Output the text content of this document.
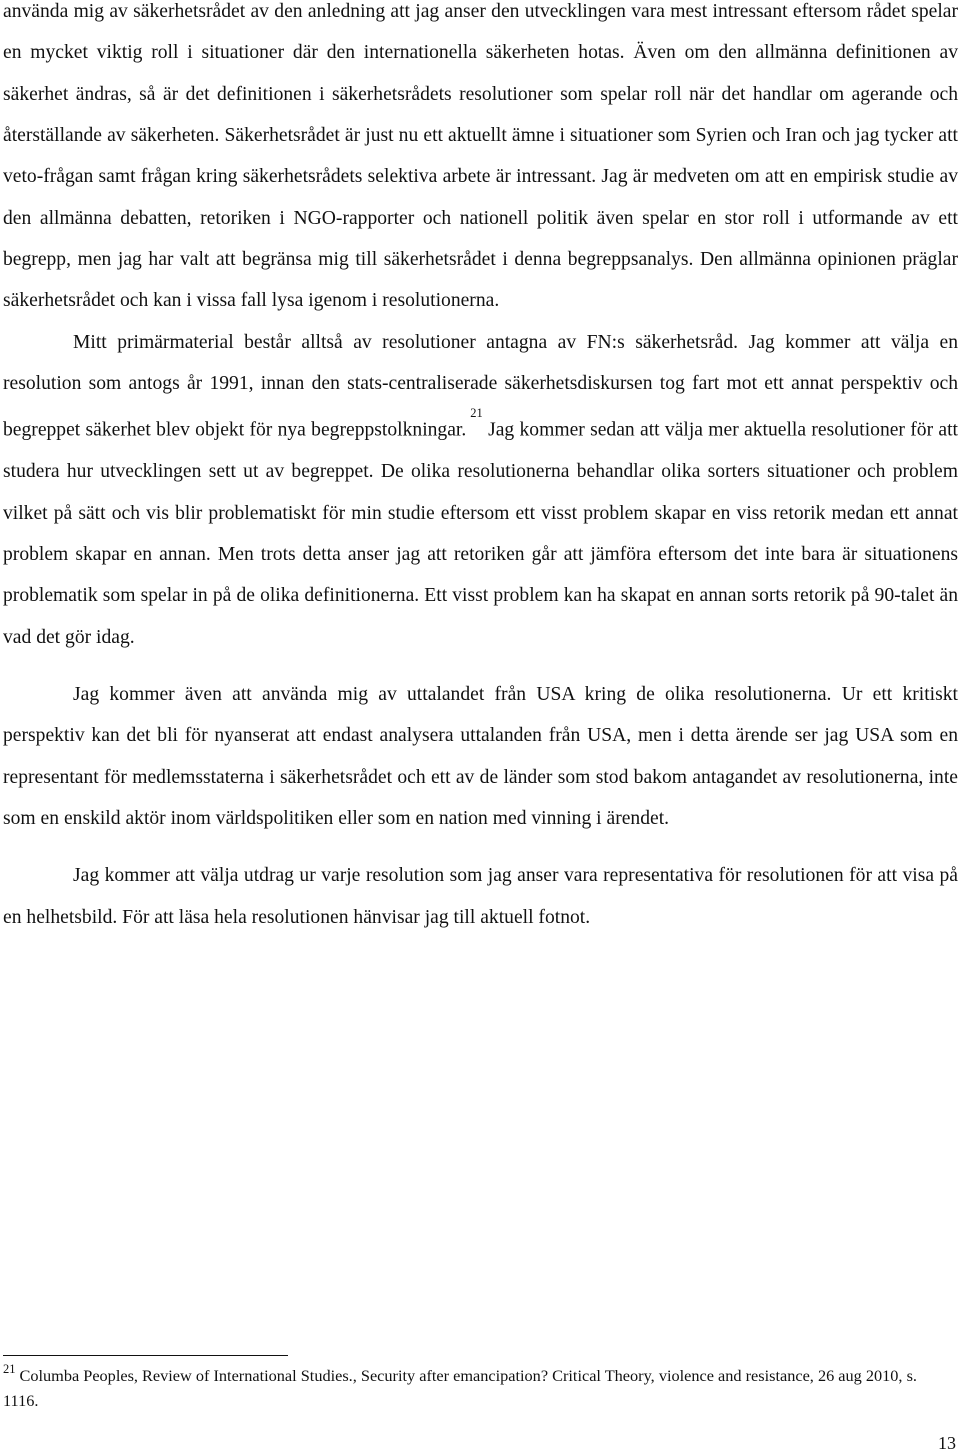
använda mig av säkerhetsrådet av den anledning att jag anser den utvecklingen vara mest intressant eftersom rådet spelar en mycket viktig roll i situationer där den internationella säkerheten hotas. Även om den allmänna definitionen av säkerhet ändras, så är det definitionen i säkerhetsrådets resolutioner som spelar roll när det handlar om agerande och återställande av säkerheten. Säkerhetsrådet är just nu ett aktuellt ämne i situationer som Syrien och Iran och jag tycker att veto-frågan samt frågan kring säkerhetsrådets selektiva arbete är intressant. Jag är medveten om att en empirisk studie av den allmänna debatten, retoriken i NGO-rapporter och nationell politik även spelar en stor roll i utformande av ett begrepp, men jag har valt att begränsa mig till säkerhetsrådet i denna begreppsanalys. Den allmänna opinionen präglar säkerhetsrådet och kan i vissa fall lysa igenom i resolutionerna.

Mitt primärmaterial består alltså av resolutioner antagna av FN:s säkerhetsråd. Jag kommer att välja en resolution som antogs år 1991, innan den stats-centraliserade säkerhetsdiskursen tog fart mot ett annat perspektiv och begreppet säkerhet blev objekt för nya begreppstolkningar.$^{21}$ Jag kommer sedan att välja mer aktuella resolutioner för att studera hur utvecklingen sett ut av begreppet. De olika resolutionerna behandlar olika sorters situationer och problem vilket på sätt och vis blir problematiskt för min studie eftersom ett visst problem skapar en viss retorik medan ett annat problem skapar en annan. Men trots detta anser jag att retoriken går att jämföra eftersom det inte bara är situationens problematik som spelar in på de olika definitionerna. Ett visst problem kan ha skapat en annan sorts retorik på 90-talet än vad det gör idag.

Jag kommer även att använda mig av uttalandet från USA kring de olika resolutionerna. Ur ett kritiskt perspektiv kan det bli för nyanserat att endast analysera uttalanden från USA, men i detta ärende ser jag USA som en representant för medlemsstaterna i säkerhetsrådet och ett av de länder som stod bakom antagandet av resolutionerna, inte som en enskild aktör inom världspolitiken eller som en nation med vinning i ärendet.

Jag kommer att välja utdrag ur varje resolution som jag anser vara representativa för resolutionen för att visa på en helhetsbild. För att läsa hela resolutionen hänvisar jag till aktuell fotnot.

$^{21}$ Columba Peoples, Review of International Studies., Security after emancipation? Critical Theory, violence and resistance, 26 aug 2010, s. 1116.
13
